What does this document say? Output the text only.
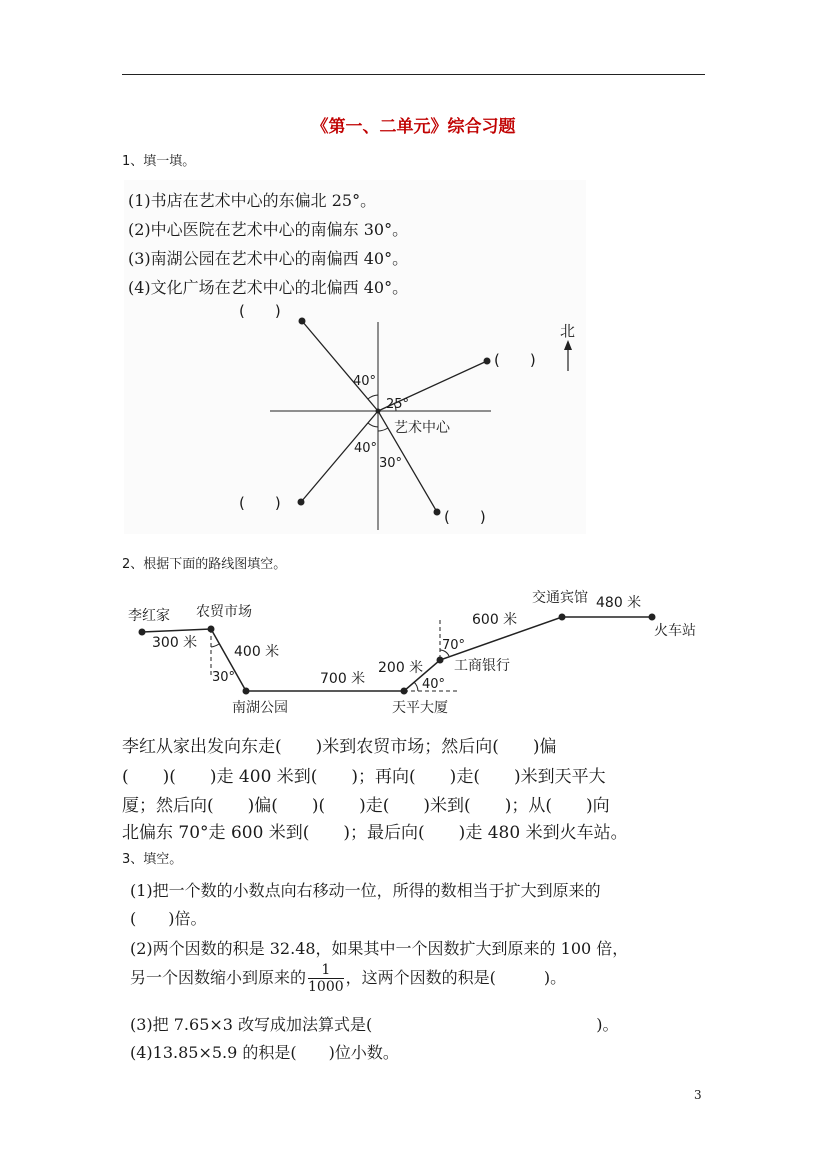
《第一、二单元》综合习题
1、填一填。
(1)书店在艺术中心的东偏北 25°。
(2)中心医院在艺术中心的南偏东 30°。
(3)南湖公园在艺术中心的南偏西 40°。
(4)文化广场在艺术中心的北偏西 40°。
北
40°
25°
40°
30°
艺术中心
(　　)
(　　)
(　　)
(　　)
2、根据下面的路线图填空。
李红家 农贸市场
南湖公园	天平大厦
工商银行
交通宾馆
火车站
300 米
400 米
700 米
200 米
600 米
480 米
30°
70°
40°
李红从家出发向东走(　　)米到农贸市场；然后向(　　)偏
(　　)(　　)走 400 米到(　　)；再向(　　)走(　　)米到天平大
厦；然后向(　　)偏(　　)(　　)走(　　)米到(　　)；从(　　)向
北偏东 70°走 600 米到(　　)；最后向(　　)走 480 米到火车站。
3、填空。
(1)把一个数的小数点向右移动一位，所得的数相当于扩大到原来的
(　　)倍。
(2)两个因数的积是 32.48，如果其中一个因数扩大到原来的 100 倍，
另一个因数缩小到原来的 $\frac{1}{1000}$ ，这两个因数的积是(　　　)。
(3)把 7.65×3 改写成加法算式是(　　　　　　　　　　　　　　)。
(4)13.85×5.9 的积是(　　)位小数。
3
